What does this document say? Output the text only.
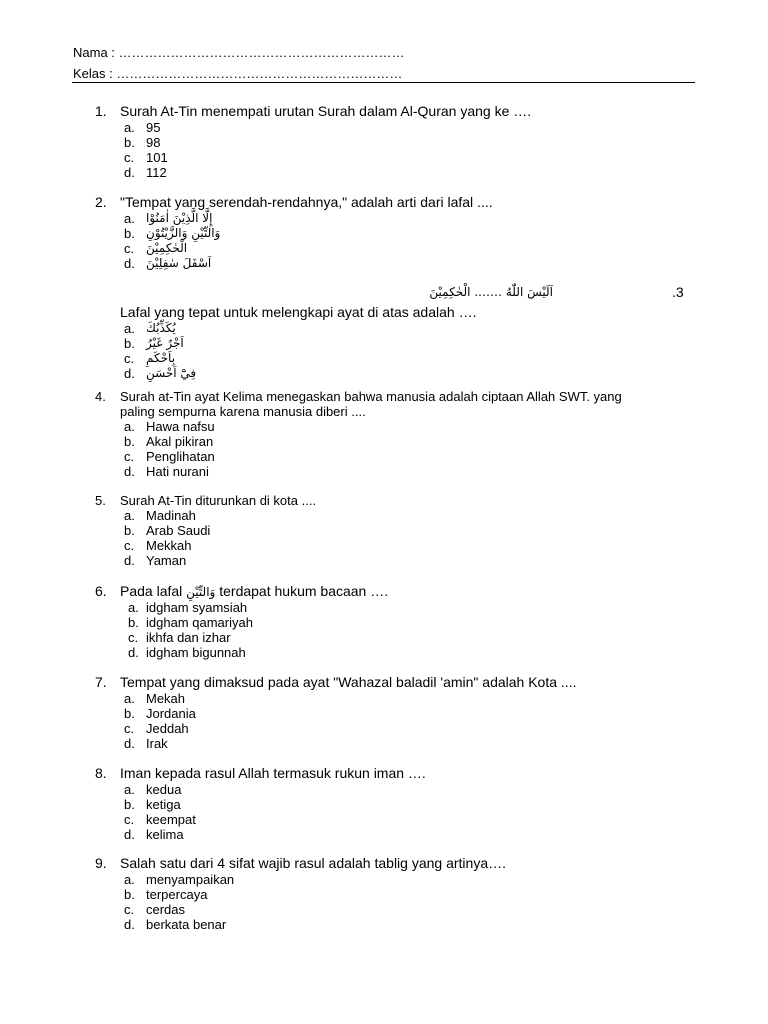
Nama : …………………………………………………………
Kelas : …………………………………………………………
1. Surah At-Tin menempati urutan Surah dalam Al-Quran yang ke ….
a. 95
b. 98
c. 101
d. 112
2. "Tempat yang serendah-rendahnya," adalah arti dari lafal ....
a. إِلَّا الَّذِيْنَ اٰمَنُوْا
b. وَالتِّيْنِ وَالزَّيْتُوْنِ
c. الْحٰكِمِيْنَ
d. اَسْفَلَ سٰفِلِيْنَ
اَلَيْسَ اللّٰهُ ……. الْحٰكِمِيْنَ	.3
Lafal yang tepat untuk melengkapi ayat di atas adalah ….
a. يُكَذِّبُكَ
b. اَجْرٌ غَيْرُ
c. بِاَحْكَمِ
d. فِيْٓ اَحْسَنِ
4. Surah at-Tin ayat Kelima menegaskan bahwa manusia adalah ciptaan Allah SWT. yang
paling sempurna karena manusia diberi ....
a. Hawa nafsu
b. Akal pikiran
c. Penglihatan
d. Hati nurani
5. Surah At-Tin diturunkan di kota ....
a. Madinah
b. Arab Saudi
c. Mekkah
d. Yaman
6. Pada lafal وَالتِّيْنِ terdapat hukum bacaan ….
a. idgham syamsiah
b. idgham qamariyah
c. ikhfa dan izhar
d. idgham bigunnah
7. Tempat yang dimaksud pada ayat "Wahazal baladil 'amin" adalah Kota ....
a. Mekah
b. Jordania
c. Jeddah
d. Irak
8. Iman kepada rasul Allah termasuk rukun iman ….
a. kedua
b. ketiga
c. keempat
d. kelima
9. Salah satu dari 4 sifat wajib rasul adalah tablig yang artinya….
a. menyampaikan
b. terpercaya
c. cerdas
d. berkata benar
